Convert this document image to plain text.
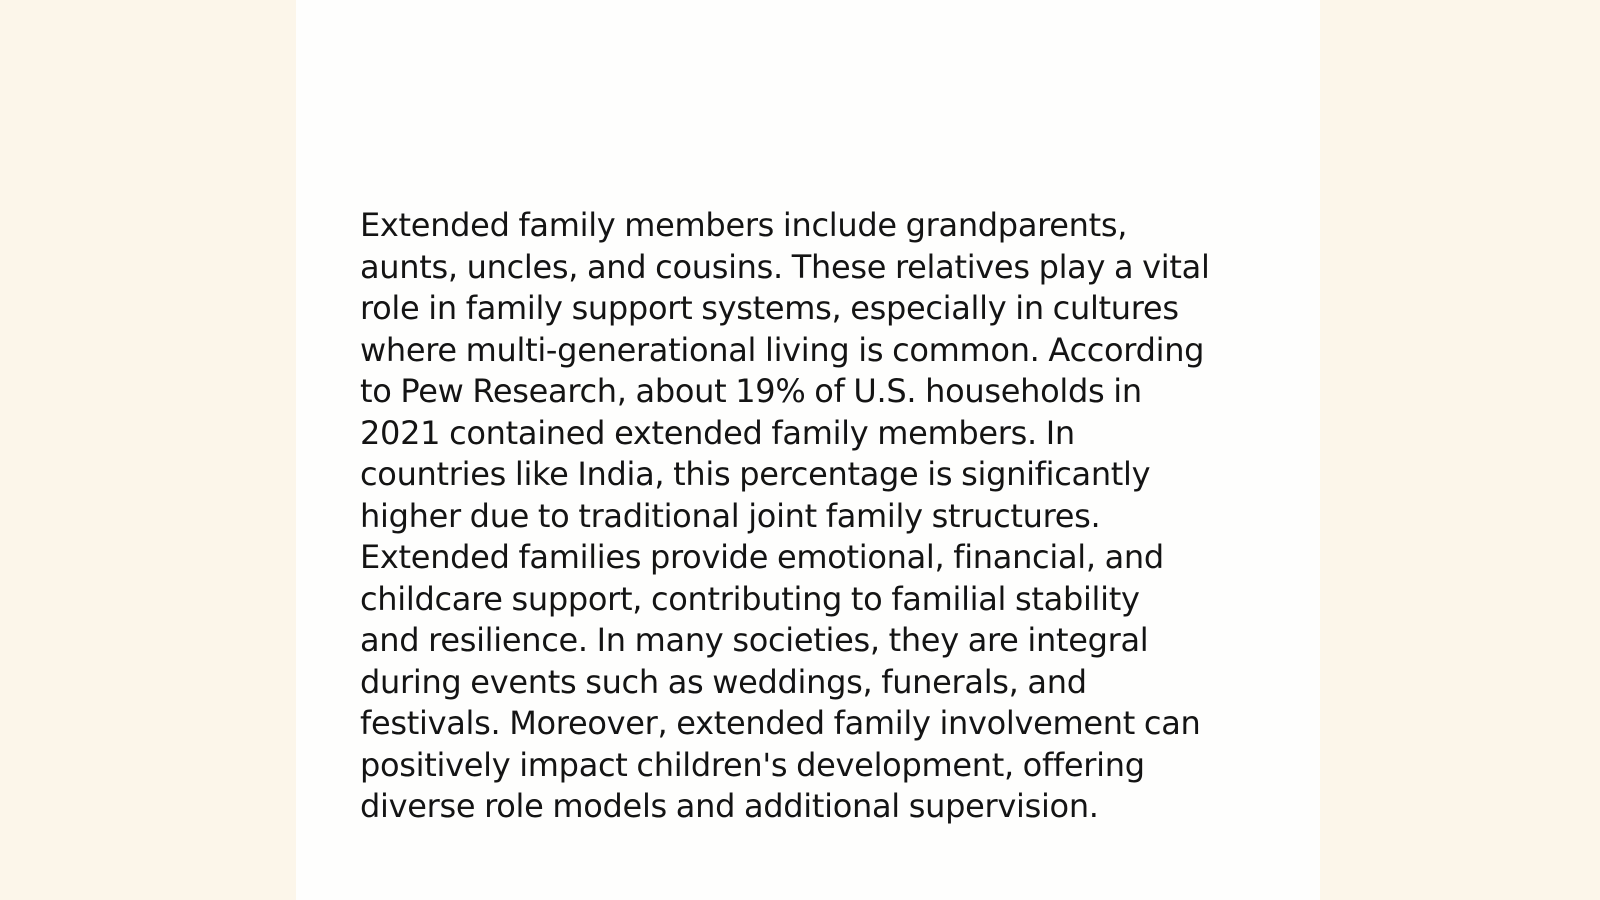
Extended family members include grandparents,
aunts, uncles, and cousins. These relatives play a vital
role in family support systems, especially in cultures
where multi-generational living is common. According
to Pew Research, about 19% of U.S. households in
2021 contained extended family members. In
countries like India, this percentage is significantly
higher due to traditional joint family structures.
Extended families provide emotional, financial, and
childcare support, contributing to familial stability
and resilience. In many societies, they are integral
during events such as weddings, funerals, and
festivals. Moreover, extended family involvement can
positively impact children's development, offering
diverse role models and additional supervision.
